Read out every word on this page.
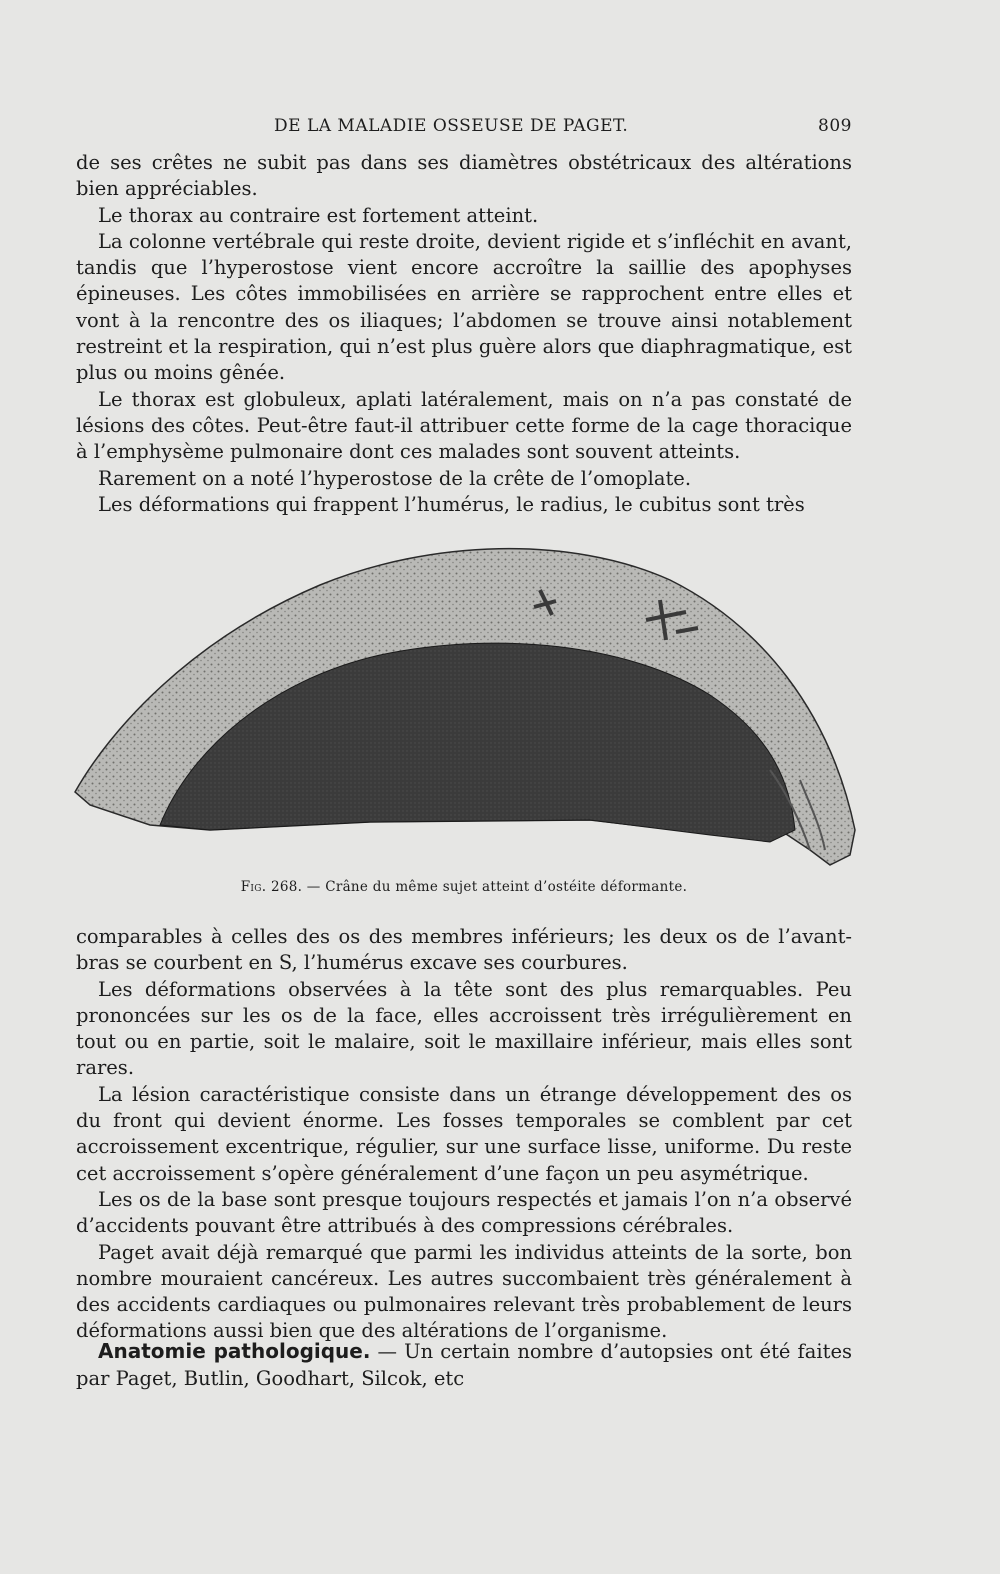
DE LA MALADIE OSSEUSE DE PAGET.	809

de ses crêtes ne subit pas dans ses diamètres obstétricaux des altérations bien appréciables.

Le thorax au contraire est fortement atteint.

La colonne vertébrale qui reste droite, devient rigide et s’infléchit en avant, tandis que l’hyperostose vient encore accroître la saillie des apophyses épineuses. Les côtes immobilisées en arrière se rapprochent entre elles et vont à la rencontre des os iliaques; l’abdomen se trouve ainsi notablement restreint et la respiration, qui n’est plus guère alors que diaphragmatique, est plus ou moins gênée.

Le thorax est globuleux, aplati latéralement, mais on n’a pas constaté de lésions des côtes. Peut-être faut-il attribuer cette forme de la cage thoracique à l’emphysème pulmonaire dont ces malades sont souvent atteints.

Rarement on a noté l’hyperostose de la crête de l’omoplate.

Les déformations qui frappent l’humérus, le radius, le cubitus sont très

Fig. 268. — Crâne du même sujet atteint d’ostéite déformante.

comparables à celles des os des membres inférieurs; les deux os de l’avant-bras se courbent en S, l’humérus excave ses courbures.

Les déformations observées à la tête sont des plus remarquables. Peu prononcées sur les os de la face, elles accroissent très irrégulièrement en tout ou en partie, soit le malaire, soit le maxillaire inférieur, mais elles sont rares.

La lésion caractéristique consiste dans un étrange développement des os du front qui devient énorme. Les fosses temporales se comblent par cet accroissement excentrique, régulier, sur une surface lisse, uniforme. Du reste cet accroissement s’opère généralement d’une façon un peu asymétrique.

Les os de la base sont presque toujours respectés et jamais l’on n’a observé d’accidents pouvant être attribués à des compressions cérébrales.

Paget avait déjà remarqué que parmi les individus atteints de la sorte, bon nombre mouraient cancéreux. Les autres succombaient très généralement à des accidents cardiaques ou pulmonaires relevant très probablement de leurs déformations aussi bien que des altérations de l’organisme.

Anatomie pathologique. — Un certain nombre d’autopsies ont été faites par Paget, Butlin, Goodhart, Silcok, etc
